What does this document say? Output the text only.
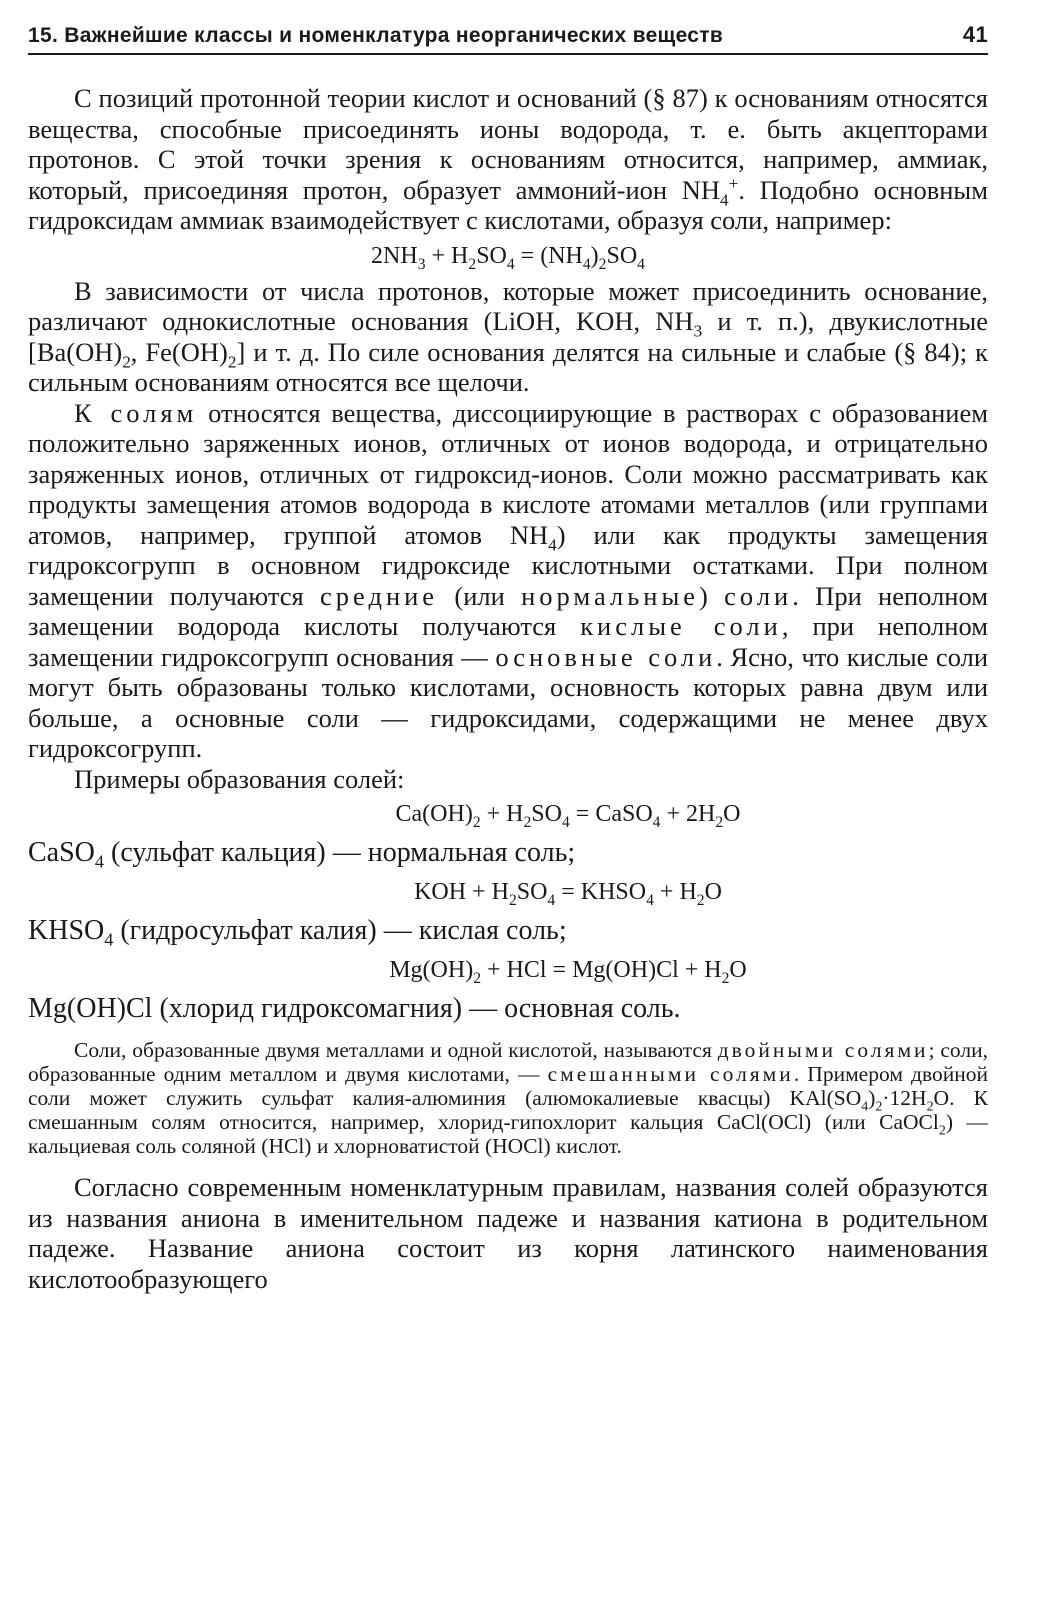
15. Важнейшие классы и номенклатура неорганических веществ	41

С позиций протонной теории кислот и оснований (§ 87) к основаниям относятся вещества, способные присоединять ионы водорода, т. е. быть акцепторами протонов. С этой точки зрения к основаниям относится, например, аммиак, который, присоединяя протон, образует аммоний-ион $NH_4^+$. Подобно основным гидроксидам аммиак взаимодействует с кислотами, образуя соли, например:

$2NH_3 + H_2SO_4 = (NH_4)_2SO_4$

В зависимости от числа протонов, которые может присоединить основание, различают однокислотные основания (LiOH, KOH, $NH_3$ и т. п.), двукислотные [$Ba(OH)_2$, $Fe(OH)_2$] и т. д. По силе основания делятся на сильные и слабые (§ 84); к сильным основаниям относятся все щелочи.

К солям относятся вещества, диссоциирующие в растворах с образованием положительно заряженных ионов, отличных от ионов водорода, и отрицательно заряженных ионов, отличных от гидроксид-ионов. Соли можно рассматривать как продукты замещения атомов водорода в кислоте атомами металлов (или группами атомов, например, группой атомов $NH_4$) или как продукты замещения гидроксогрупп в основном гидроксиде кислотными остатками. При полном замещении получаются средние (или нормальные) соли. При неполном замещении водорода кислоты получаются кислые соли, при неполном замещении гидроксогрупп основания — основные соли. Ясно, что кислые соли могут быть образованы только кислотами, основность которых равна двум или больше, а основные соли — гидроксидами, содержащими не менее двух гидроксогрупп.

Примеры образования солей:

$Ca(OH)_2 + H_2SO_4$ = CaSO$_4$ + $2H_2O$

CaSO$_4$ (сульфат кальция) — нормальная соль;

KOH + $H_2SO_4$ = $KHSO_4 + H_2O$

$KHSO_4$ (гидросульфат калия) — кислая соль;

$Mg(OH)_2$ + HCl = $Mg(OH)Cl + H_2O$

Mg(OH)Cl (хлорид гидроксомагния) — основная соль.

Соли, образованные двумя металлами и одной кислотой, называются двойными солями; соли, образованные одним металлом и двумя кислотами, — смешанными солями. Примером двойной соли может служить сульфат калия-алюминия (алюмокалиевые квасцы) $KAl(SO_4)_2\cdot 12H_2O$. К смешанным солям относится, например, хлорид-гипохлорит кальция CaCl(OCl) (или CaOCl$_2$) — кальциевая соль соляной (HCl) и хлорноватистой (HOCl) кислот.

Согласно современным номенклатурным правилам, названия солей образуются из названия аниона в именительном падеже и названия катиона в родительном падеже. Название аниона состоит из корня латинского наименования кислотообразующего
